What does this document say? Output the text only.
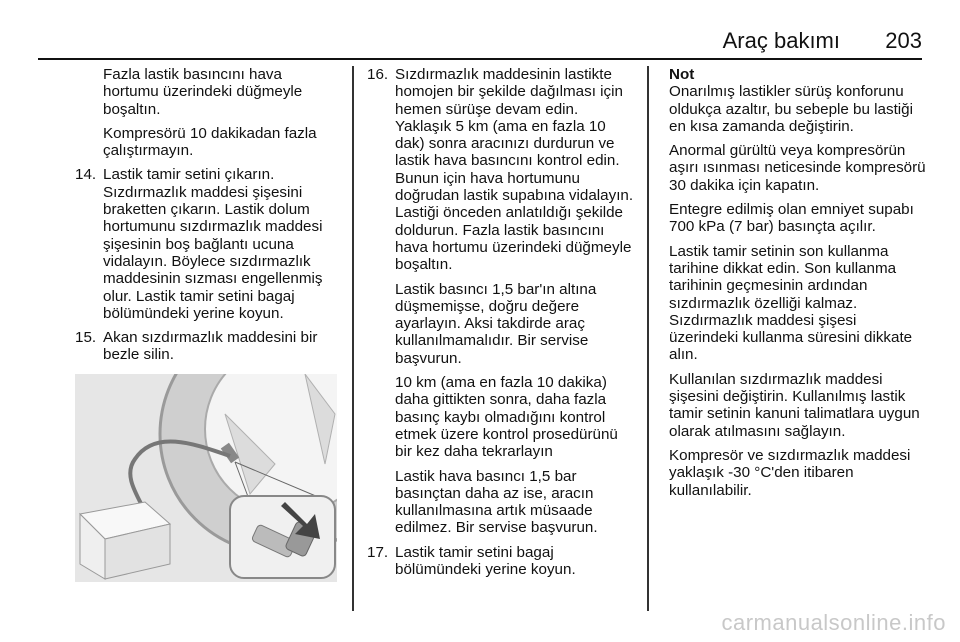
Araç bakımı 203

Fazla lastik basıncını hava hortumu üzerindeki düğmeyle boşaltın.

Kompresörü 10 dakikadan fazla çalıştırmayın.

14. Lastik tamir setini çıkarın. Sızdırmazlık maddesi şişesini braketten çıkarın. Lastik dolum hortumunu sızdırmazlık maddesi şişesinin boş bağlantı ucuna vidalayın. Böylece sızdırmazlık maddesinin sızması engellenmiş olur. Lastik tamir setini bagaj bölümündeki yerine koyun.

15. Akan sızdırmazlık maddesini bir bezle silin.

16. Sızdırmazlık maddesinin lastikte homojen bir şekilde dağılması için hemen sürüşe devam edin. Yaklaşık 5 km (ama en fazla 10 dak) sonra aracınızı durdurun ve lastik hava basıncını kontrol edin. Bunun için hava hortumunu doğrudan lastik supabına vidalayın. Lastiği önceden anlatıldığı şekilde doldurun. Fazla lastik basıncını hava hortumu üzerindeki düğmeyle boşaltın.

Lastik basıncı 1,5 bar'ın altına düşmemişse, doğru değere ayarlayın. Aksi takdirde araç kullanılmamalıdır. Bir servise başvurun.

10 km (ama en fazla 10 dakika) daha gittikten sonra, daha fazla basınç kaybı olmadığını kontrol etmek üzere kontrol prosedürünü bir kez daha tekrarlayın

Lastik hava basıncı 1,5 bar basınçtan daha az ise, aracın kullanılmasına artık müsaade edilmez. Bir servise başvurun.

17. Lastik tamir setini bagaj bölümündeki yerine koyun.

Not

Onarılmış lastikler sürüş konforunu oldukça azaltır, bu sebeple bu lastiği en kısa zamanda değiştirin.

Anormal gürültü veya kompresörün aşırı ısınması neticesinde kompresörü 30 dakika için kapatın.

Entegre edilmiş olan emniyet supabı 700 kPa (7 bar) basınçta açılır.

Lastik tamir setinin son kullanma tarihine dikkat edin. Son kullanma tarihinin geçmesinin ardından sızdırmazlık özelliği kalmaz. Sızdırmazlık maddesi şişesi üzerindeki kullanma süresini dikkate alın.

Kullanılan sızdırmazlık maddesi şişesini değiştirin. Kullanılmış lastik tamir setinin kanuni talimatlara uygun olarak atılmasını sağlayın.

Kompresör ve sızdırmazlık maddesi yaklaşık -30 °C'den itibaren kullanılabilir.

carmanualsonline.info
